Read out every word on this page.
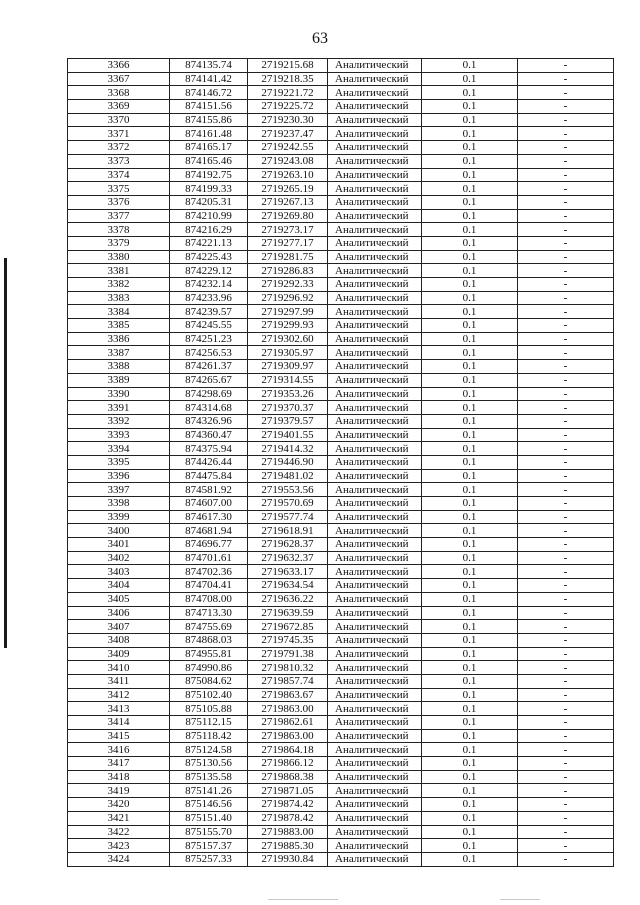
63
3366	874135.74	2719215.68	Аналитический	0.1	-
3367	874141.42	2719218.35	Аналитический	0.1	-
3368	874146.72	2719221.72	Аналитический	0.1	-
3369	874151.56	2719225.72	Аналитический	0.1	-
3370	874155.86	2719230.30	Аналитический	0.1	-
3371	874161.48	2719237.47	Аналитический	0.1	-
3372	874165.17	2719242.55	Аналитический	0.1	-
3373	874165.46	2719243.08	Аналитический	0.1	-
3374	874192.75	2719263.10	Аналитический	0.1	-
3375	874199.33	2719265.19	Аналитический	0.1	-
3376	874205.31	2719267.13	Аналитический	0.1	-
3377	874210.99	2719269.80	Аналитический	0.1	-
3378	874216.29	2719273.17	Аналитический	0.1	-
3379	874221.13	2719277.17	Аналитический	0.1	-
3380	874225.43	2719281.75	Аналитический	0.1	-
3381	874229.12	2719286.83	Аналитический	0.1	-
3382	874232.14	2719292.33	Аналитический	0.1	-
3383	874233.96	2719296.92	Аналитический	0.1	-
3384	874239.57	2719297.99	Аналитический	0.1	-
3385	874245.55	2719299.93	Аналитический	0.1	-
3386	874251.23	2719302.60	Аналитический	0.1	-
3387	874256.53	2719305.97	Аналитический	0.1	-
3388	874261.37	2719309.97	Аналитический	0.1	-
3389	874265.67	2719314.55	Аналитический	0.1	-
3390	874298.69	2719353.26	Аналитический	0.1	-
3391	874314.68	2719370.37	Аналитический	0.1	-
3392	874326.96	2719379.57	Аналитический	0.1	-
3393	874360.47	2719401.55	Аналитический	0.1	-
3394	874375.94	2719414.32	Аналитический	0.1	-
3395	874426.44	2719446.90	Аналитический	0.1	-
3396	874475.84	2719481.02	Аналитический	0.1	-
3397	874581.92	2719553.56	Аналитический	0.1	-
3398	874607.00	2719570.69	Аналитический	0.1	-
3399	874617.30	2719577.74	Аналитический	0.1	-
3400	874681.94	2719618.91	Аналитический	0.1	-
3401	874696.77	2719628.37	Аналитический	0.1	-
3402	874701.61	2719632.37	Аналитический	0.1	-
3403	874702.36	2719633.17	Аналитический	0.1	-
3404	874704.41	2719634.54	Аналитический	0.1	-
3405	874708.00	2719636.22	Аналитический	0.1	-
3406	874713.30	2719639.59	Аналитический	0.1	-
3407	874755.69	2719672.85	Аналитический	0.1	-
3408	874868.03	2719745.35	Аналитический	0.1	-
3409	874955.81	2719791.38	Аналитический	0.1	-
3410	874990.86	2719810.32	Аналитический	0.1	-
3411	875084.62	2719857.74	Аналитический	0.1	-
3412	875102.40	2719863.67	Аналитический	0.1	-
3413	875105.88	2719863.00	Аналитический	0.1	-
3414	875112.15	2719862.61	Аналитический	0.1	-
3415	875118.42	2719863.00	Аналитический	0.1	-
3416	875124.58	2719864.18	Аналитический	0.1	-
3417	875130.56	2719866.12	Аналитический	0.1	-
3418	875135.58	2719868.38	Аналитический	0.1	-
3419	875141.26	2719871.05	Аналитический	0.1	-
3420	875146.56	2719874.42	Аналитический	0.1	-
3421	875151.40	2719878.42	Аналитический	0.1	-
3422	875155.70	2719883.00	Аналитический	0.1	-
3423	875157.37	2719885.30	Аналитический	0.1	-
3424	875257.33	2719930.84	Аналитический	0.1	-
